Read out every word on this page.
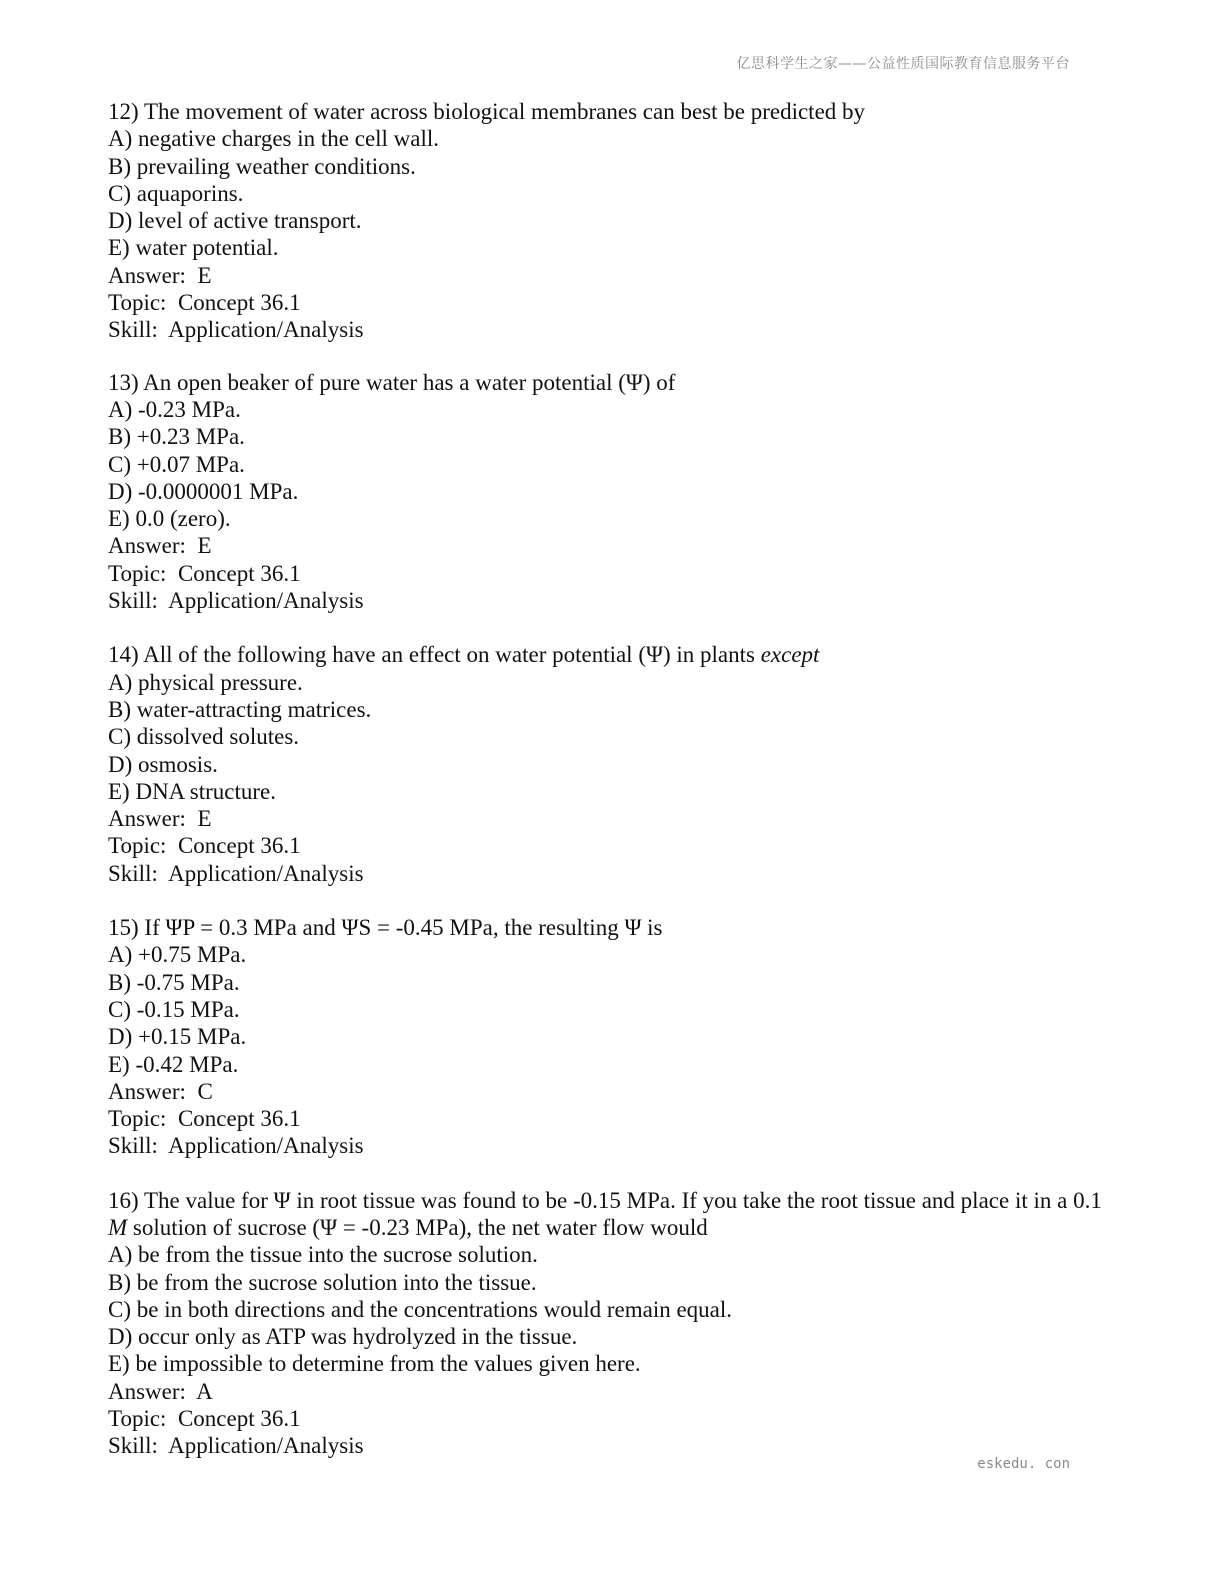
亿思科学生之家——公益性质国际教育信息服务平台
12) The movement of water across biological membranes can best be predicted by
A) negative charges in the cell wall.
B) prevailing weather conditions.
C) aquaporins.
D) level of active transport.
E) water potential.
Answer: E
Topic: Concept 36.1
Skill: Application/Analysis
13) An open beaker of pure water has a water potential (Ψ) of
A) -0.23 MPa.
B) +0.23 MPa.
C) +0.07 MPa.
D) -0.0000001 MPa.
E) 0.0 (zero).
Answer: E
Topic: Concept 36.1
Skill: Application/Analysis
14) All of the following have an effect on water potential (Ψ) in plants except
A) physical pressure.
B) water-attracting matrices.
C) dissolved solutes.
D) osmosis.
E) DNA structure.
Answer: E
Topic: Concept 36.1
Skill: Application/Analysis
15) If ΨP = 0.3 MPa and ΨS = -0.45 MPa, the resulting Ψ is
A) +0.75 MPa.
B) -0.75 MPa.
C) -0.15 MPa.
D) +0.15 MPa.
E) -0.42 MPa.
Answer: C
Topic: Concept 36.1
Skill: Application/Analysis
16) The value for Ψ in root tissue was found to be -0.15 MPa. If you take the root tissue and place it in a 0.1 M solution of sucrose (Ψ = -0.23 MPa), the net water flow would
A) be from the tissue into the sucrose solution.
B) be from the sucrose solution into the tissue.
C) be in both directions and the concentrations would remain equal.
D) occur only as ATP was hydrolyzed in the tissue.
E) be impossible to determine from the values given here.
Answer: A
Topic: Concept 36.1
Skill: Application/Analysis
eskedu. con
